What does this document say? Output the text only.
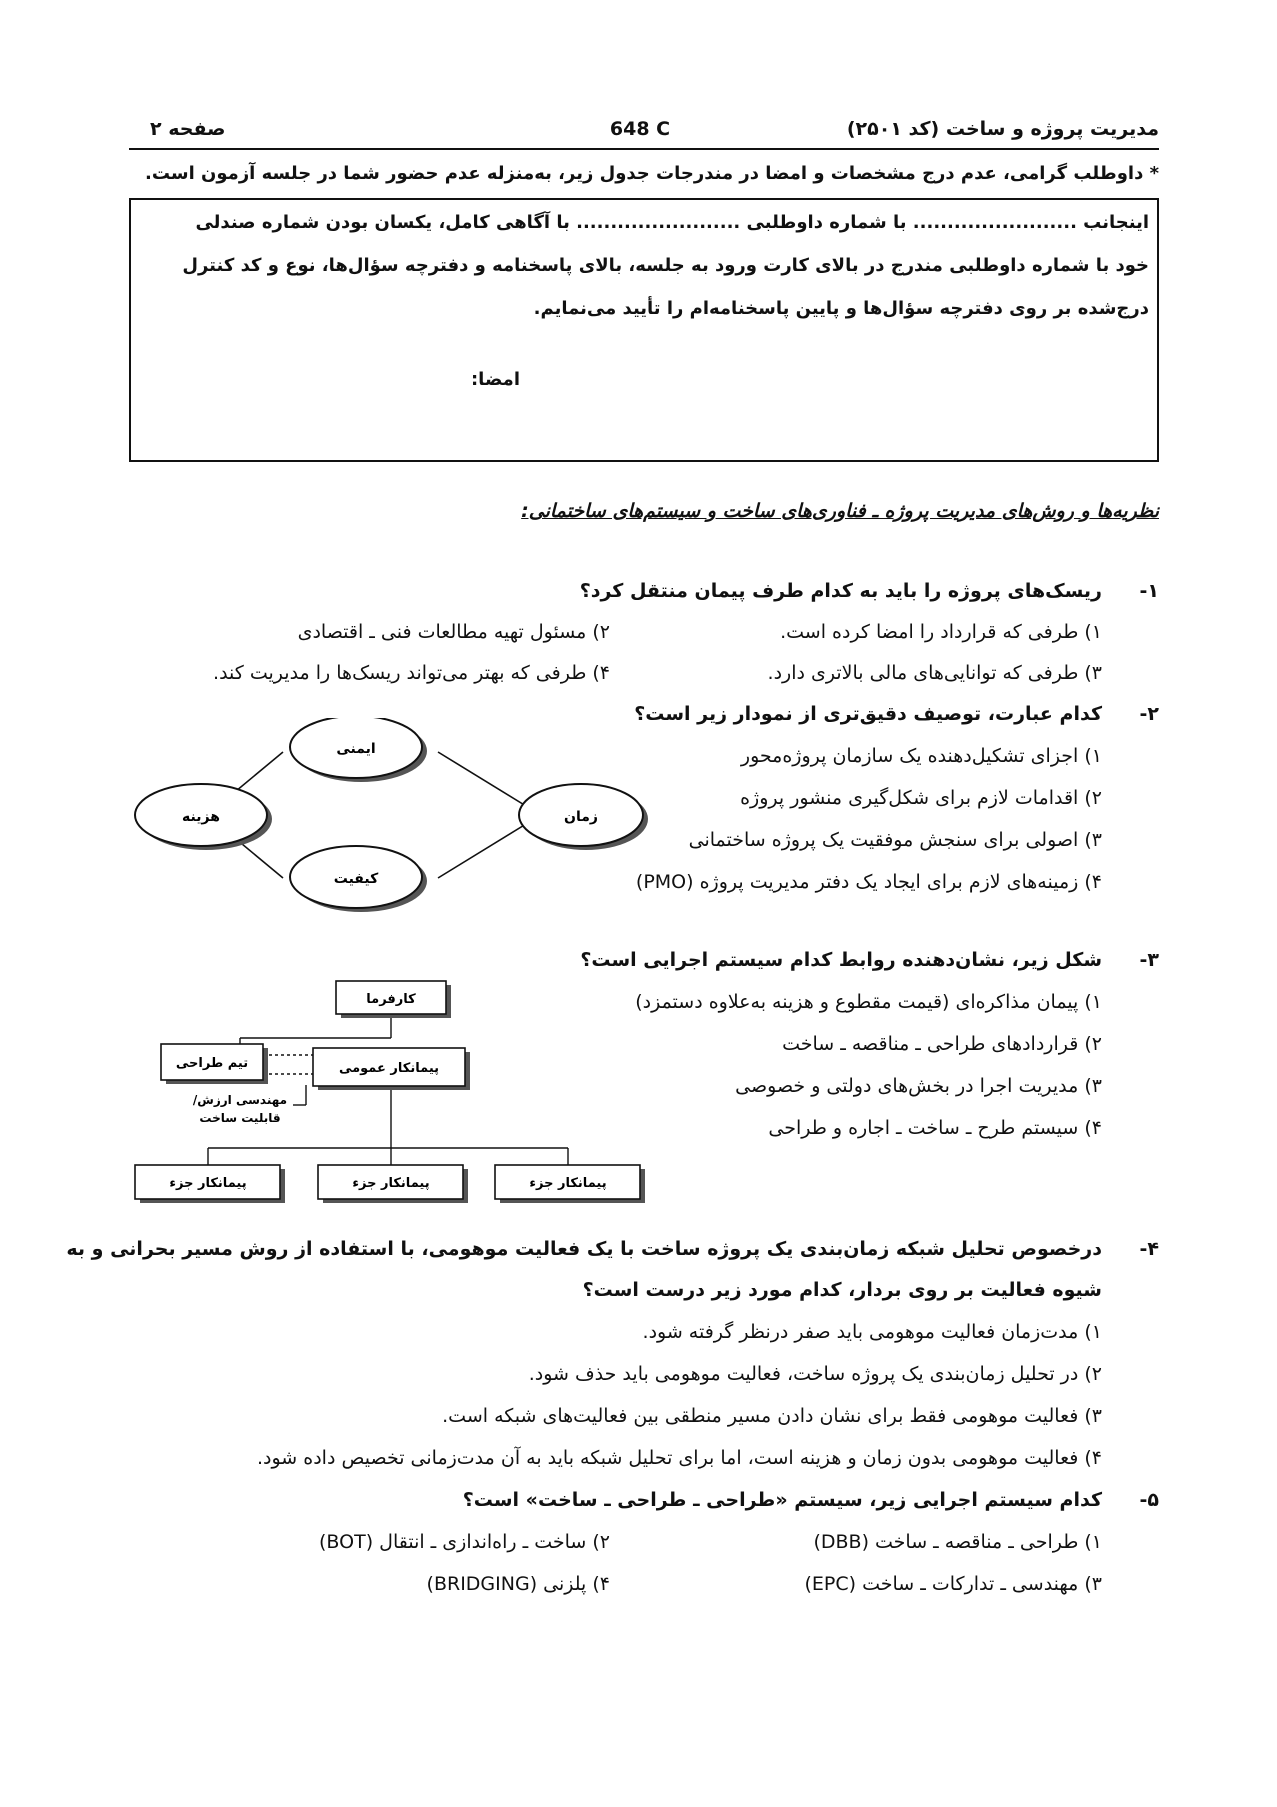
مدیریت پروژه و ساخت (کد ۲۵۰۱)
648 C
صفحه ۲
* داوطلب گرامی، عدم درج مشخصات و امضا در مندرجات جدول زیر، به‌منزله عدم حضور شما در جلسه آزمون است.
اینجانب ........................ با شماره داوطلبی ........................ با آگاهی کامل، یکسان بودن شماره صندلی
خود با شماره داوطلبی مندرج در بالای کارت ورود به جلسه، بالای پاسخنامه و دفترچه سؤال‌ها، نوع و کد کنترل
درج‌شده بر روی دفترچه سؤال‌ها و پایین پاسخنامه‌ام را تأیید می‌نمایم.
امضا:
نظریه‌ها و روش‌های مدیریت پروژه ـ فناوری‌های ساخت و سیستم‌های ساختمانی:
۱-
ریسک‌های پروژه را باید به کدام طرف پیمان منتقل کرد؟
۱) طرفی که قرارداد را امضا کرده است.
۲) مسئول تهیه مطالعات فنی ـ اقتصادی
۳) طرفی که توانایی‌های مالی بالاتری دارد.
۴) طرفی که بهتر می‌تواند ریسک‌ها را مدیریت کند.
۲-
کدام عبارت، توصیف دقیق‌تری از نمودار زیر است؟
۱) اجزای تشکیل‌دهنده یک سازمان پروژه‌محور
۲) اقدامات لازم برای شکل‌گیری منشور پروژه
۳) اصولی برای سنجش موفقیت یک پروژه ساختمانی
۴) زمینه‌های لازم برای ایجاد یک دفتر مدیریت پروژه (PMO)
ایمنی
هزینه	زمان
کیفیت
۳-
شکل زیر، نشان‌دهنده روابط کدام سیستم اجرایی است؟
۱) پیمان مذاکره‌ای (قیمت مقطوع و هزینه به‌علاوه دستمزد)
۲) قراردادهای طراحی ـ مناقصه ـ ساخت
۳) مدیریت اجرا در بخش‌های دولتی و خصوصی
۴) سیستم طرح ـ ساخت ـ اجاره و طراحی
کارفرما
تیم طراحی	پیمانکار عمومی
مهندسی ارزش/
قابلیت ساخت
پیمانکار جزء	پیمانکار جزء	پیمانکار جزء
۴-
درخصوص تحلیل شبکه زمان‌بندی یک پروژه ساخت با یک فعالیت موهومی، با استفاده از روش مسیر بحرانی و به
شیوه فعالیت بر روی بردار، کدام مورد زیر درست است؟
۱) مدت‌زمان فعالیت موهومی باید صفر درنظر گرفته شود.
۲) در تحلیل زمان‌بندی یک پروژه ساخت، فعالیت موهومی باید حذف شود.
۳) فعالیت موهومی فقط برای نشان دادن مسیر منطقی بین فعالیت‌های شبکه است.
۴) فعالیت موهومی بدون زمان و هزینه است، اما برای تحلیل شبکه باید به آن مدت‌زمانی تخصیص داده شود.
۵-
کدام سیستم اجرایی زیر، سیستم «طراحی ـ طراحی ـ ساخت» است؟
۱) طراحی ـ مناقصه ـ ساخت (DBB)
۲) ساخت ـ راه‌اندازی ـ انتقال (BOT)
۳) مهندسی ـ تدارکات ـ ساخت (EPC)
۴) پلزنی (BRIDGING)
